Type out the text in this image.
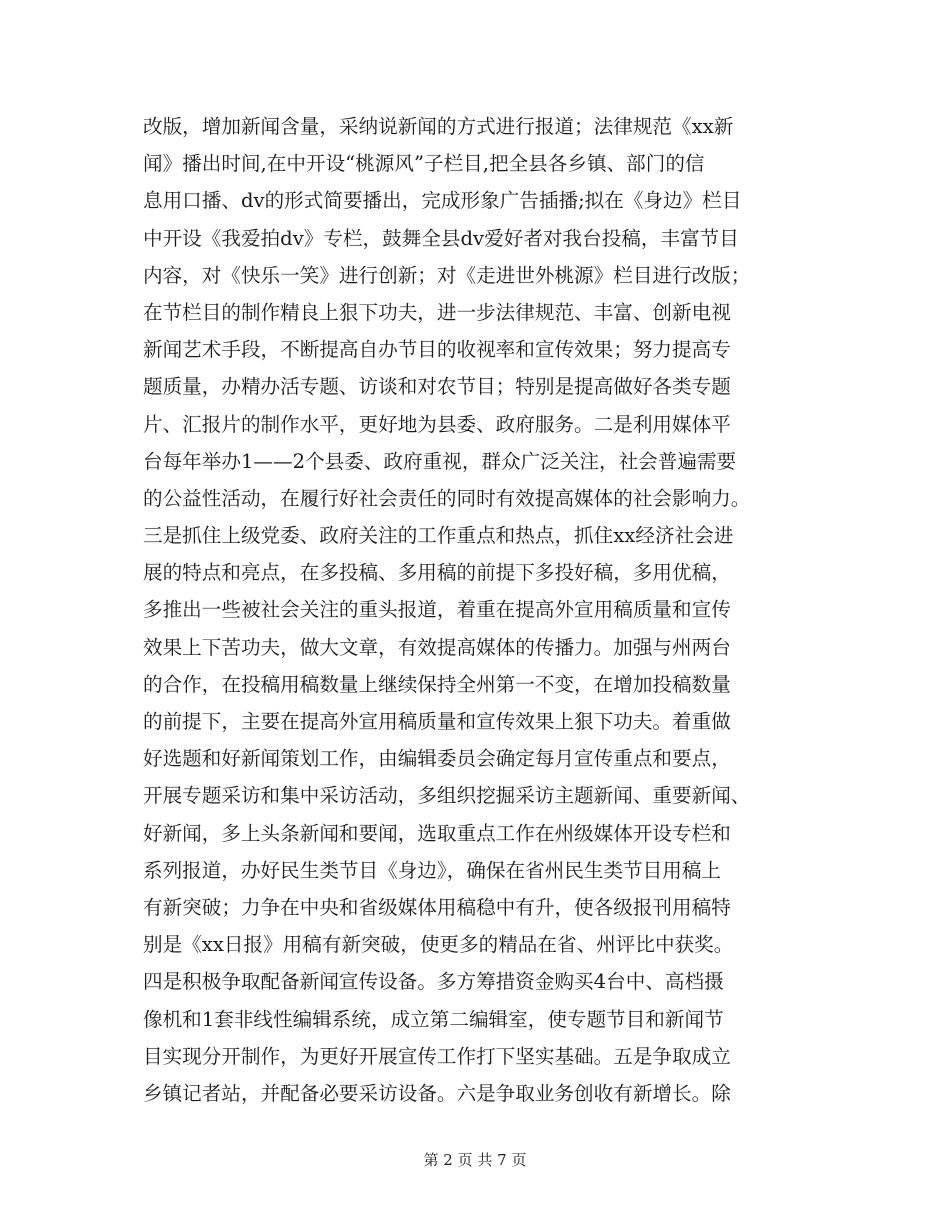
改版，增加新闻含量，采纳说新闻的方式进行报道；法律规范《xx新
闻》播出时间,在中开设“桃源风”子栏目,把全县各乡镇、部门的信
息用口播、dv的形式简要播出，完成形象广告插播;拟在《身边》栏目
中开设《我爱拍dv》专栏，鼓舞全县dv爱好者对我台投稿，丰富节目
内容，对《快乐一笑》进行创新；对《走进世外桃源》栏目进行改版；
在节栏目的制作精良上狠下功夫，进一步法律规范、丰富、创新电视
新闻艺术手段，不断提高自办节目的收视率和宣传效果；努力提高专
题质量，办精办活专题、访谈和对农节目；特别是提高做好各类专题
片、汇报片的制作水平，更好地为县委、政府服务。二是利用媒体平
台每年举办1——2个县委、政府重视，群众广泛关注，社会普遍需要
的公益性活动，在履行好社会责任的同时有效提高媒体的社会影响力。
三是抓住上级党委、政府关注的工作重点和热点，抓住xx经济社会进
展的特点和亮点，在多投稿、多用稿的前提下多投好稿，多用优稿，
多推出一些被社会关注的重头报道，着重在提高外宣用稿质量和宣传
效果上下苦功夫，做大文章，有效提高媒体的传播力。加强与州两台
的合作，在投稿用稿数量上继续保持全州第一不变，在增加投稿数量
的前提下，主要在提高外宣用稿质量和宣传效果上狠下功夫。着重做
好选题和好新闻策划工作，由编辑委员会确定每月宣传重点和要点，
开展专题采访和集中采访活动，多组织挖掘采访主题新闻、重要新闻、
好新闻，多上头条新闻和要闻，选取重点工作在州级媒体开设专栏和
系列报道，办好民生类节目《身边》，确保在省州民生类节目用稿上
有新突破；力争在中央和省级媒体用稿稳中有升，使各级报刊用稿特
别是《xx日报》用稿有新突破，使更多的精品在省、州评比中获奖。
四是积极争取配备新闻宣传设备。多方筹措资金购买4台中、高档摄
像机和1套非线性编辑系统，成立第二编辑室，使专题节目和新闻节
目实现分开制作，为更好开展宣传工作打下坚实基础。五是争取成立
乡镇记者站，并配备必要采访设备。六是争取业务创收有新增长。除
第 2 页 共 7 页
